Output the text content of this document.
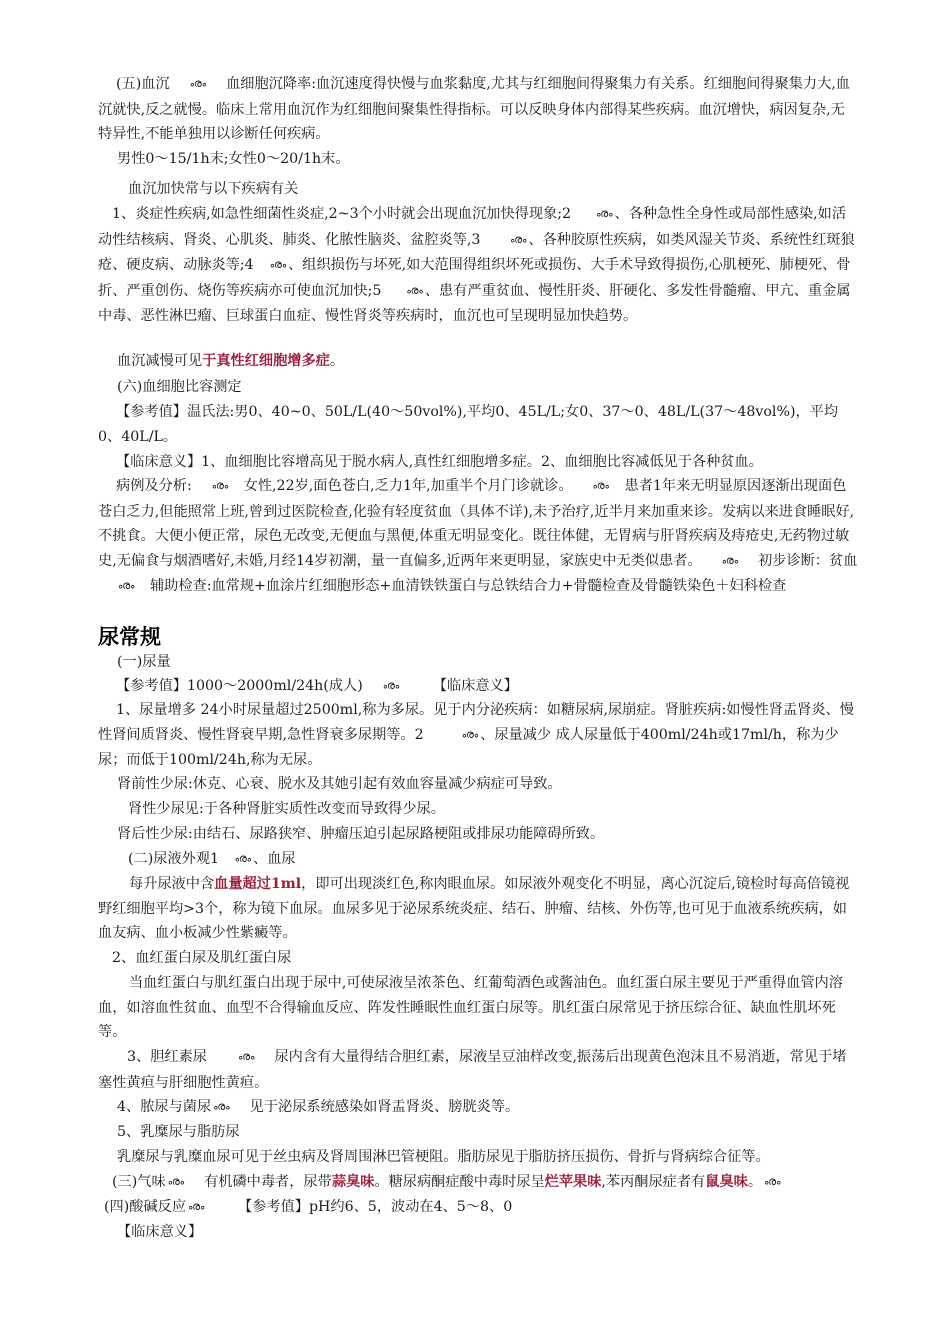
(五)血沉 ൟ 血细胞沉降率:血沉速度得快慢与血浆黏度,尤其与红细胞间得聚集力有关系。红细胞间得聚集力大,血沉就快,反之就慢。临床上常用血沉作为红细胞间聚集性得指标。可以反映身体内部得某些疾病。血沉增快，病因复杂,无特异性,不能单独用以诊断任何疾病。

男性0～15/1h末;女性0～20/1h末。

血沉加快常与以下疾病有关

1、炎症性疾病,如急性细菌性炎症,2~3个小时就会出现血沉加快得现象;2 ൟ 、各种急性全身性或局部性感染,如活动性结核病、肾炎、心肌炎、肺炎、化脓性脑炎、盆腔炎等,3	ൟ 、各种胶原性疾病，如类风湿关节炎、系统性红斑狼疮、硬皮病、动脉炎等;4 ൟ 、组织损伤与坏死,如大范围得组织坏死或损伤、大手术导致得损伤,心肌梗死、肺梗死、骨折、严重创伤、烧伤等疾病亦可使血沉加快;5 ൟ 、患有严重贫血、慢性肝炎、肝硬化、多发性骨髓瘤、甲亢、重金属中毒、恶性淋巴瘤、巨球蛋白血症、慢性肾炎等疾病时，血沉也可呈现明显加快趋势。

血沉减慢可见于真性红细胞增多症。

(六)血细胞比容测定

【参考值】温氏法:男0、40~0、50L/L(40～50vol%),平均0、45L/L;女0、37～0、48L/L(37～48vol%)，平均0、40L/L。

【临床意义】1、血细胞比容增高见于脱水病人,真性红细胞增多症。2、血细胞比容减低见于各种贫血。

病例及分析: ൟ 女性,22岁,面色苍白,乏力1年,加重半个月门诊就诊。 ൟ 患者1年来无明显原因逐渐出现面色苍白乏力,但能照常上班,曾到过医院检查,化验有轻度贫血（具体不详),未予治疗,近半月来加重来诊。发病以来进食睡眠好,不挑食。大便小便正常，尿色无改变,无便血与黑便,体重无明显变化。既往体健，无胃病与肝肾疾病及痔疮史,无药物过敏史,无偏食与烟酒嗜好,未婚,月经14岁初潮，量一直偏多,近两年来更明显，家族史中无类似患者。 ൟ 初步诊断：贫血ൟ 辅助检查:血常规+血涂片红细胞形态+血清铁铁蛋白与总铁结合力+骨髓检查及骨髓铁染色＋妇科检查

尿常规

(一)尿量

【参考值】1000～2000ml/24h(成人) ൟ 【临床意义】

1、尿量增多 24小时尿量超过2500ml,称为多尿。见于内分泌疾病：如糖尿病,尿崩症。肾脏疾病:如慢性肾盂肾炎、慢性肾间质肾炎、慢性肾衰早期,急性肾衰多尿期等。2	ൟ 、尿量减少 成人尿量低于400ml/24h或17ml/h，称为少尿；而低于100ml/24h,称为无尿。

肾前性少尿:休克、心衰、脱水及其她引起有效血容量减少病症可导致。

肾性少尿见:于各种肾脏实质性改变而导致得少尿。

肾后性少尿:由结石、尿路狭窄、肿瘤压迫引起尿路梗阻或排尿功能障碍所致。

(二)尿液外观1 ൟ 、血尿

每升尿液中含血量超过1ml，即可出现淡红色,称肉眼血尿。如尿液外观变化不明显，离心沉淀后,镜检时每高倍镜视野红细胞平均>3个，称为镜下血尿。血尿多见于泌尿系统炎症、结石、肿瘤、结核、外伤等,也可见于血液系统疾病，如血友病、血小板减少性紫癜等。

2、血红蛋白尿及肌红蛋白尿

当血红蛋白与肌红蛋白出现于尿中,可使尿液呈浓茶色、红葡萄酒色或酱油色。血红蛋白尿主要见于严重得血管内溶血，如溶血性贫血、血型不合得输血反应、阵发性睡眠性血红蛋白尿等。肌红蛋白尿常见于挤压综合征、缺血性肌坏死等。

3、胆红素尿	ൟ 尿内含有大量得结合胆红素，尿液呈豆油样改变,振荡后出现黄色泡沫且不易消逝，常见于堵塞性黄疸与肝细胞性黄疸。

4、脓尿与菌尿 ൟ 见于泌尿系统感染如肾盂肾炎、膀胱炎等。

5、乳糜尿与脂肪尿

乳糜尿与乳糜血尿可见于丝虫病及肾周围淋巴管梗阻。脂肪尿见于脂肪挤压损伤、骨折与肾病综合征等。

(三)气味 ൟ 有机磷中毒者，尿带蒜臭味。糖尿病酮症酸中毒时尿呈烂苹果味,苯丙酮尿症者有鼠臭味。 ൟ

(四)酸碱反应 ൟ 【参考值】pH约6、5，波动在4、5～8、0

【临床意义】
